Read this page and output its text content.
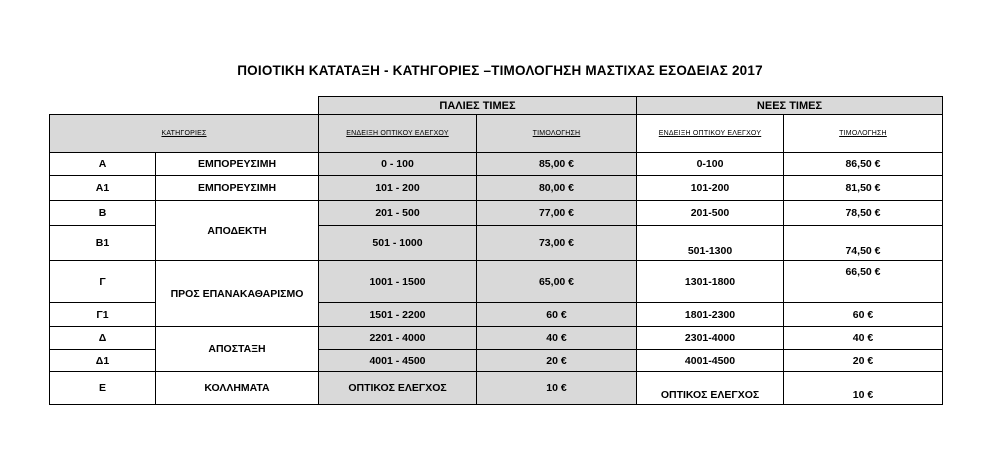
ΠΟΙΟΤΙΚΗ ΚΑΤΑΤΑΞΗ - ΚΑΤΗΓΟΡΙΕΣ –ΤΙΜΟΛΟΓΗΣΗ ΜΑΣΤΙΧΑΣ ΕΣΟΔΕΙΑΣ 2017
		ΠΑΛΙΕΣ ΤΙΜΕΣ		ΝΕΕΣ ΤΙΜΕΣ	
ΚΑΤΗΓΟΡΙΕΣ		ΕΝΔΕΙΞΗ ΟΠΤΙΚΟΥ ΕΛΕΓΧΟΥ	ΤΙΜΟΛΟΓΗΣΗ	ΕΝΔΕΙΞΗ ΟΠΤΙΚΟΥ ΕΛΕΓΧΟΥ	ΤΙΜΟΛΟΓΗΣΗ
Α	ΕΜΠΟΡΕΥΣΙΜΗ	0 - 100	85,00 €	0-100	86,50 €
Α1	ΕΜΠΟΡΕΥΣΙΜΗ	101 - 200	80,00 €	101-200	81,50 €
Β	ΑΠΟΔΕΚΤΗ	201 - 500	77,00 €	201-500	78,50 €
Β1		501 - 1000	73,00 €	501-1300	74,50 €
Γ	ΠΡΟΣ ΕΠΑΝΑΚΑΘΑΡΙΣΜΟ	1001 - 1500	65,00 €	1301-1800	66,50 €
Γ1		1501 - 2200	60 €	1801-2300	60 €
Δ	ΑΠΟΣΤΑΞΗ	2201 - 4000	40 €	2301-4000	40 €
Δ1		4001 - 4500	20 €	4001-4500	20 €
Ε	ΚΟΛΛΗΜΑΤΑ	ΟΠΤΙΚΟΣ ΕΛΕΓΧΟΣ	10 €	ΟΠΤΙΚΟΣ ΕΛΕΓΧΟΣ	10 €
